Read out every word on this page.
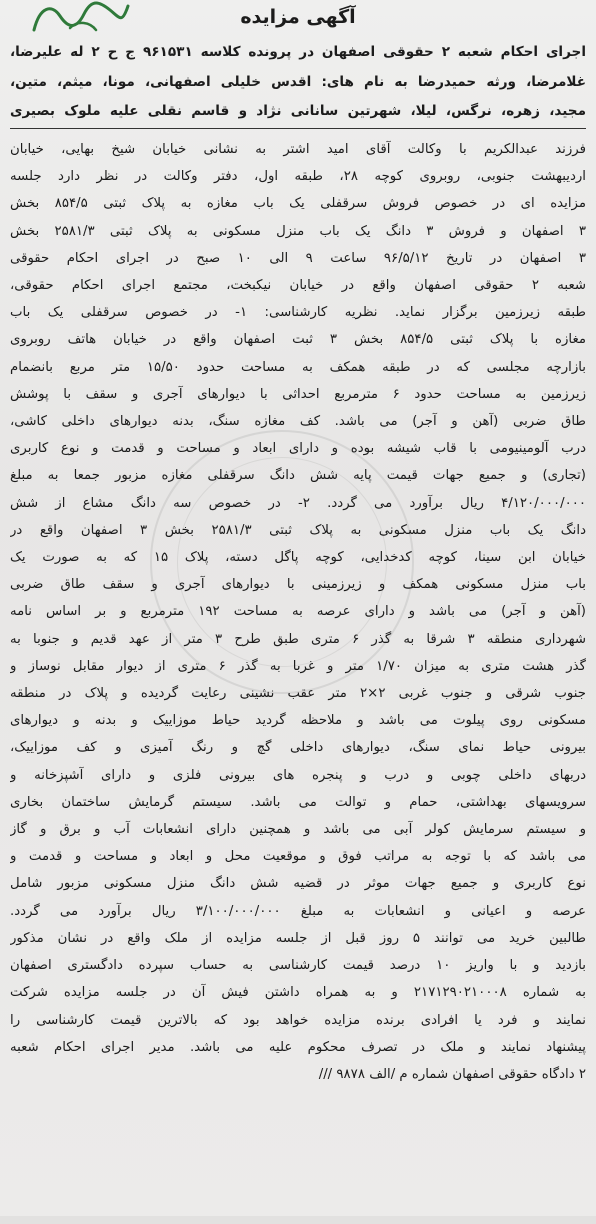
آگهی مزایده
اجرای احکام شعبه ۲ حقوقی اصفهان در پرونده کلاسه ۹۶۱۵۳۱ ج ح ۲ له علیرضا،
غلامرضا، ورثه حمیدرضا به نام های: اقدس خلیلی اصفهانی، مونا، میثم، متین،
مجید، زهره، نرگس، لیلا، شهرتین سانانی نژاد و قاسم نقلی علیه ملوک بصیری
فرزند عبدالکریم با وکالت آقای امید اشتر به نشانی خیابان شیخ بهایی، خیابان
اردیبهشت جنوبی، روبروی کوچه ۲۸، طبقه اول، دفتر وکالت در نظر دارد جلسه
مزایده ای در خصوص فروش سرقفلی یک باب مغازه به پلاک ثبتی ۸۵۴/۵ بخش
۳ اصفهان و فروش ۳ دانگ یک باب منزل مسکونی به پلاک ثبتی ۲۵۸۱/۳ بخش
۳ اصفهان در تاریخ ۹۶/۵/۱۲ ساعت ۹ الی ۱۰ صبح در اجرای احکام حقوقی
شعبه ۲ حقوقی اصفهان واقع در خیابان نیکبخت، مجتمع اجرای احکام حقوقی،
طبقه زیرزمین برگزار نماید. نظریه کارشناسی: ۱- در خصوص سرقفلی یک باب
مغازه با پلاک ثبتی ۸۵۴/۵ بخش ۳ ثبت اصفهان واقع در خیابان هاتف روبروی
بازارچه مجلسی که در طبقه همکف به مساحت حدود ۱۵/۵۰ متر مربع بانضمام
زیرزمین به مساحت حدود ۶ مترمربع احداثی با دیوارهای آجری و سقف با پوشش
طاق ضربی (آهن و آجر) می باشد. کف مغازه سنگ، بدنه دیوارهای داخلی کاشی،
درب آلومینیومی با قاب شیشه بوده و دارای ابعاد و مساحت و قدمت و نوع کاربری
(تجاری) و جمیع جهات قیمت پایه شش دانگ سرقفلی مغازه مزبور جمعا به مبلغ
۴/۱۲۰/۰۰۰/۰۰۰ ریال برآورد می گردد. ۲- در خصوص سه دانگ مشاع از شش
دانگ یک باب منزل مسکونی به پلاک ثبتی ۲۵۸۱/۳ بخش ۳ اصفهان واقع در
خیابان ابن سینا، کوچه کدخدایی، کوچه پاگل دسته، پلاک ۱۵ که به صورت یک
باب منزل مسکونی همکف و زیرزمینی با دیوارهای آجری و سقف طاق ضربی
(آهن و آجر) می باشد و دارای عرصه به مساحت ۱۹۲ مترمربع و بر اساس نامه
شهرداری منطقه ۳ شرقا به گذر ۶ متری طبق طرح ۳ متر از عهد قدیم و جنوبا به
گذر هشت متری به میزان ۱/۷۰ متر و غربا به گذر ۶ متری از دیوار مقابل نوساز و
جنوب شرقی و جنوب غربی ۲×۲ متر عقب نشینی رعایت گردیده و پلاک در منطقه
مسکونی روی پیلوت می باشد و ملاحظه گردید حیاط موزاییک و بدنه و دیوارهای
بیرونی حیاط نمای سنگ، دیوارهای داخلی گچ و رنگ آمیزی و کف موزاییک،
دربهای داخلی چوبی و درب و پنجره های بیرونی فلزی و دارای آشپزخانه و
سرویسهای بهداشتی، حمام و توالت می باشد. سیستم گرمایش ساختمان بخاری
و سیستم سرمایش کولر آبی می باشد و همچنین دارای انشعابات آب و برق و گاز
می باشد که با توجه به مراتب فوق و موقعیت محل و ابعاد و مساحت و قدمت و
نوع کاربری و جمیع جهات موثر در قضیه شش دانگ منزل مسکونی مزبور شامل
عرصه و اعیانی و انشعابات به مبلغ ۳/۱۰۰/۰۰۰/۰۰۰ ریال برآورد می گردد.
طالبین خرید می توانند ۵ روز قبل از جلسه مزایده از ملک واقع در نشان مذکور
بازدید و با واریز ۱۰ درصد قیمت کارشناسی به حساب سپرده دادگستری اصفهان
به شماره ۲۱۷۱۲۹۰۲۱۰۰۰۸ و به همراه داشتن فیش آن در جلسه مزایده شرکت
نمایند و فرد یا افرادی برنده مزایده خواهد بود که بالاترین قیمت کارشناسی را
پیشنهاد نمایند و ملک در تصرف محکوم علیه می باشد. مدیر اجرای احکام شعبه
۲ دادگاه حقوقی اصفهان شماره م /الف ۹۸۷۸ ///
